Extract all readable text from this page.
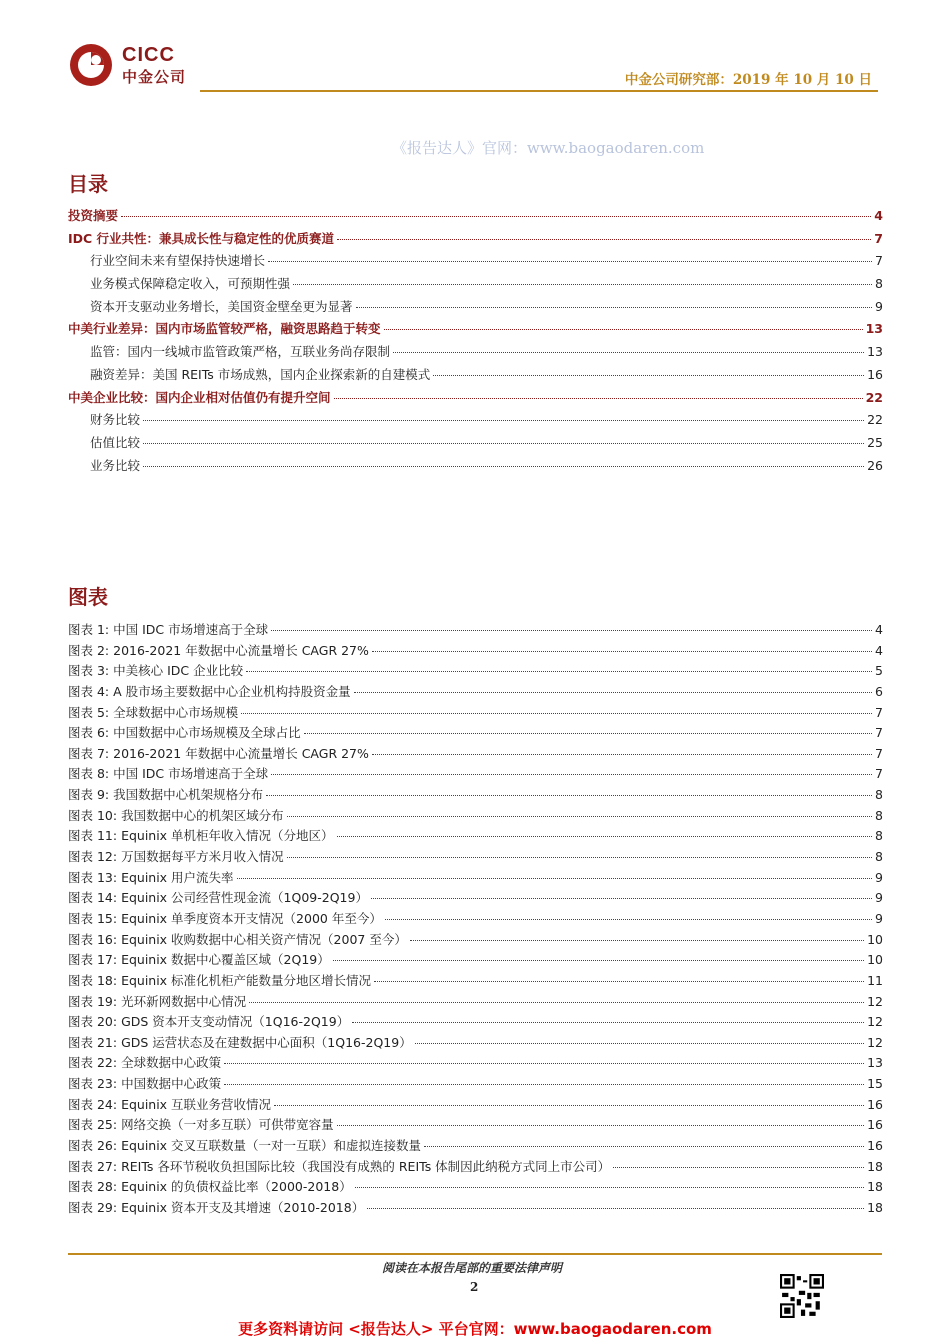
CICC
中金公司	中金公司研究部：2019 年 10 月 10 日
《报告达人》官网：www.baogaodaren.com
目录
投资摘要	4
IDC 行业共性：兼具成长性与稳定性的优质赛道	7
行业空间未来有望保持快速增长	7
业务模式保障稳定收入，可预期性强	8
资本开支驱动业务增长，美国资金壁垒更为显著	9
中美行业差异：国内市场监管较严格，融资思路趋于转变	13
监管：国内一线城市监管政策严格，互联业务尚存限制	13
融资差异：美国 REITs 市场成熟，国内企业探索新的自建模式	16
中美企业比较：国内企业相对估值仍有提升空间	22
财务比较	22
估值比较	25
业务比较	26
图表
图表 1: 中国 IDC 市场增速高于全球	4
图表 2: 2016-2021 年数据中心流量增长 CAGR 27%	4
图表 3: 中美核心 IDC 企业比较	5
图表 4: A 股市场主要数据中心企业机构持股资金量	6
图表 5: 全球数据中心市场规模	7
图表 6: 中国数据中心市场规模及全球占比	7
图表 7: 2016-2021 年数据中心流量增长 CAGR 27%	7
图表 8: 中国 IDC 市场增速高于全球	7
图表 9: 我国数据中心机架规格分布	8
图表 10: 我国数据中心的机架区域分布	8
图表 11: Equinix 单机柜年收入情况（分地区）	8
图表 12: 万国数据每平方米月收入情况	8
图表 13: Equinix 用户流失率	9
图表 14: Equinix 公司经营性现金流（1Q09-2Q19）	9
图表 15: Equinix 单季度资本开支情况（2000 年至今）	9
图表 16: Equinix 收购数据中心相关资产情况（2007 至今）	10
图表 17: Equinix 数据中心覆盖区域（2Q19）	10
图表 18: Equinix 标准化机柜产能数量分地区增长情况	11
图表 19: 光环新网数据中心情况	12
图表 20: GDS 资本开支变动情况（1Q16-2Q19）	12
图表 21: GDS 运营状态及在建数据中心面积（1Q16-2Q19）	12
图表 22: 全球数据中心政策	13
图表 23: 中国数据中心政策	15
图表 24: Equinix 互联业务营收情况	16
图表 25: 网络交换（一对多互联）可供带宽容量	16
图表 26: Equinix 交叉互联数量（一对一互联）和虚拟连接数量	16
图表 27: REITs 各环节税收负担国际比较（我国没有成熟的 REITs 体制因此纳税方式同上市公司）	18
图表 28: Equinix 的负债权益比率（2000-2018）	18
图表 29: Equinix 资本开支及其增速（2010-2018）	18
阅读在本报告尾部的重要法律声明
2
更多资料请访问 <报告达人> 平台官网：www.baogaodaren.com
